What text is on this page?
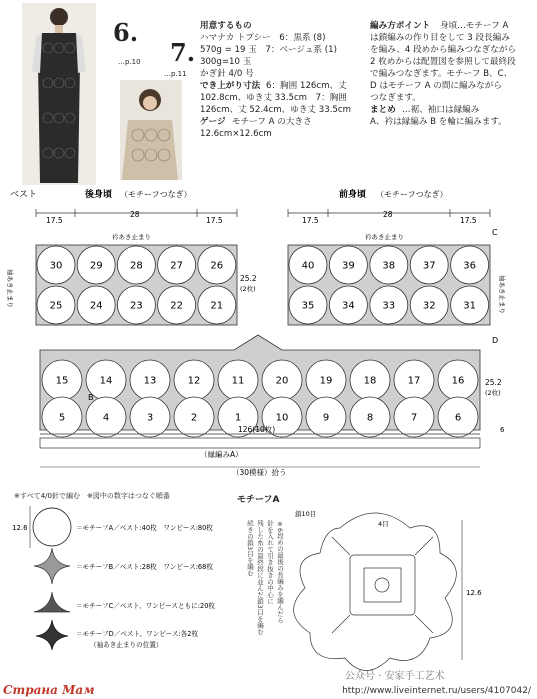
6.
…p.10 7.
…p.11
用意するもの
ハマナカ トプシー　6：黒系 (8)
570g = 19 玉　7：ベージュ系 (1)
300g=10 玉
かぎ針 4/0 号
でき上がり寸法 6：胸囲 126cm、丈
102.8cm、ゆき丈 33.5cm　7：胸囲
126cm、丈 52.4cm、ゆき丈 33.5cm
ゲージ モチーフ A の大きさ
12.6cm×12.6cm
編み方ポイント 身頃…モチーフ A
は鎖編みの作り目をして 3 段長編み
を編み、4 段めから編みつなぎながら
2 枚めからは配置図を参照して最終段
で編みつなぎます。モチーフ B、C、
D はモチーフ A の間に編みながら
つなぎます。
まとめ …裾、袖口は縁編み
A、衿は縁編み B を輪に編みます。
ベスト	後身頃 （モチーフつなぎ）	前身頃 （モチーフつなぎ）
17.5
28
17.5
衿あき止まり
17.5
28
17.5
衿あき止まり	C
D
30	29	28	27	26
25	24	23	22	21
40	39	38	37	36
35	34	33	32	31
袖あき止まり	25.2
(2枚)	袖あき止まり
15	14	13	12	11	20	19	18	17	16
5	4	3	2	1	10	9	8	7	6
B
25.2
(2枚)
126(10枚)	6
（縁編みA）
（30模様）拾う
※すべて4/0針で編む　※図中の数字はつなぐ順番
12.6	＝モチーフA／ベスト:40枚　ワンピース:80枚
＝モチーフB／ベスト:28枚　ワンピース:68枚
＝モチーフC／ベスト、ワンピースともに:20枚
＝モチーフD／ベスト、ワンピース:各2枚
（袖あき止まりの位置）
モチーフA
※6段めの最後の長編みを編んだら
針を入れて引き抜きの中心に
残した糸の最終段に並んだ鎖3目を編む
続きの鎖3目を編む
鎖10目
4目
12.6
公众号 · 安家手工艺术
Страна Мам	http://www.liveinternet.ru/users/4107042/
